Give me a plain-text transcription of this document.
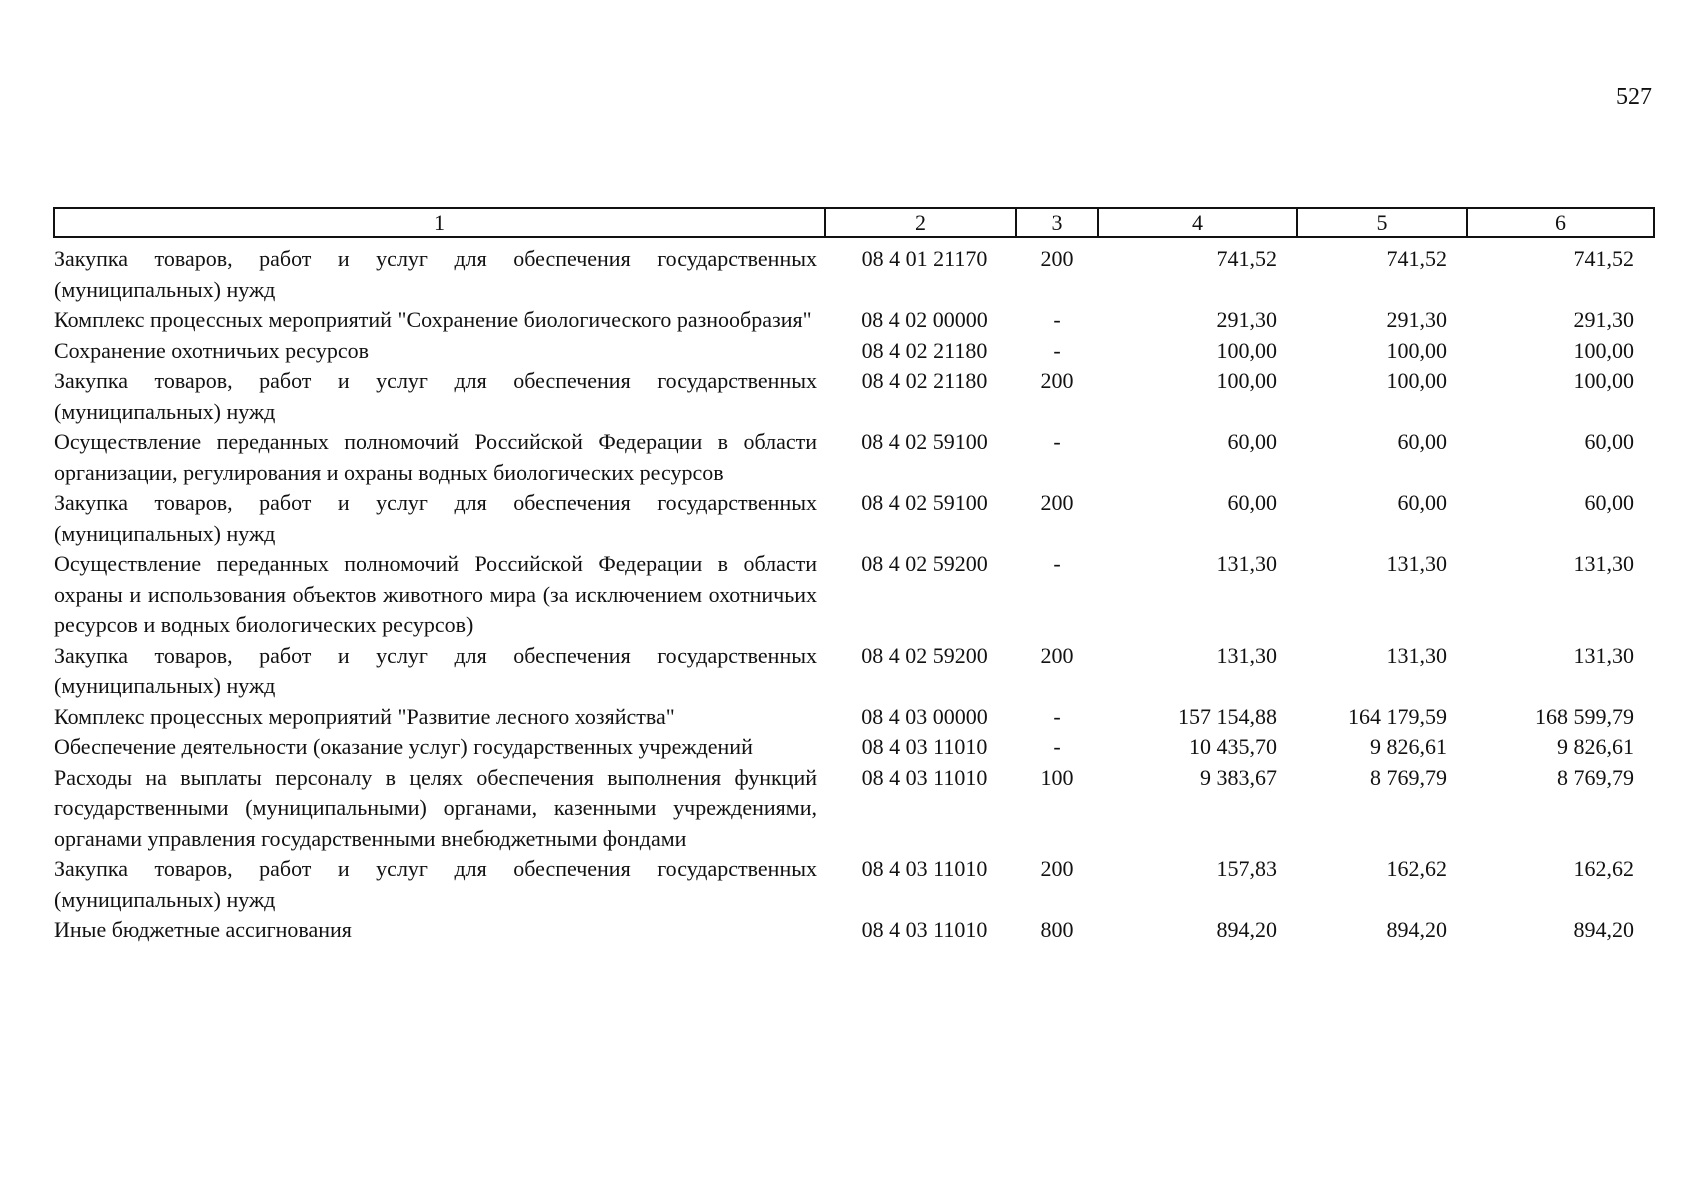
527
1	2	3	4	5	6
Закупка товаров, работ и услуг для обеспечения государственных (муниципальных) нужд	08 4 01 21170	200	741,52	741,52	741,52
Комплекс процессных мероприятий "Сохранение биологического разнообразия"	08 4 02 00000	-	291,30	291,30	291,30
Сохранение охотничьих ресурсов	08 4 02 21180	-	100,00	100,00	100,00
Закупка товаров, работ и услуг для обеспечения государственных (муниципальных) нужд	08 4 02 21180	200	100,00	100,00	100,00
Осуществление переданных полномочий Российской Федерации в области организации, регулирования и охраны водных биологических ресурсов	08 4 02 59100	-	60,00	60,00	60,00
Закупка товаров, работ и услуг для обеспечения государственных (муниципальных) нужд	08 4 02 59100	200	60,00	60,00	60,00
Осуществление переданных полномочий Российской Федерации в области охраны и использования объектов животного мира (за исключением охотничьих ресурсов и водных биологических ресурсов)	08 4 02 59200	-	131,30	131,30	131,30
Закупка товаров, работ и услуг для обеспечения государственных (муниципальных) нужд	08 4 02 59200	200	131,30	131,30	131,30
Комплекс процессных мероприятий "Развитие лесного хозяйства"	08 4 03 00000	-	157 154,88	164 179,59	168 599,79
Обеспечение деятельности (оказание услуг) государственных учреждений	08 4 03 11010	-	10 435,70	9 826,61	9 826,61
Расходы на выплаты персоналу в целях обеспечения выполнения функций государственными (муниципальными) органами, казенными учреждениями, органами управления государственными внебюджетными фондами	08 4 03 11010	100	9 383,67	8 769,79	8 769,79
Закупка товаров, работ и услуг для обеспечения государственных (муниципальных) нужд	08 4 03 11010	200	157,83	162,62	162,62
Иные бюджетные ассигнования	08 4 03 11010	800	894,20	894,20	894,20
